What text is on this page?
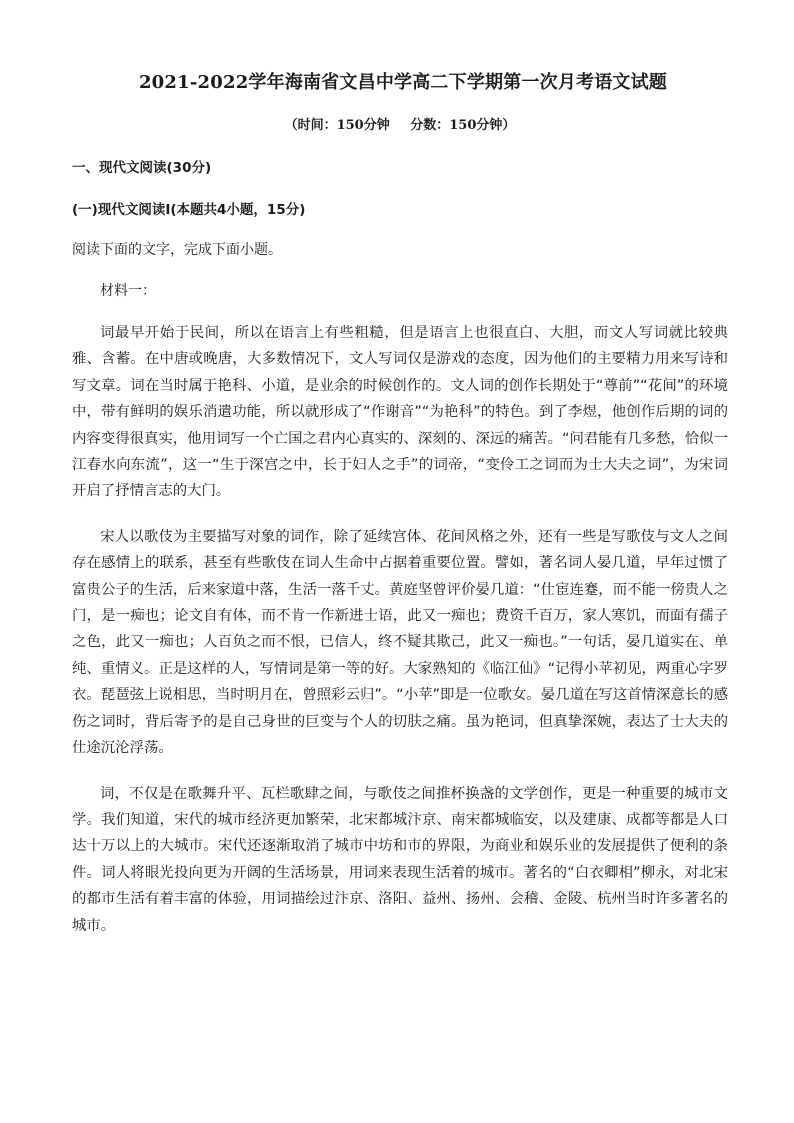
2021-2022学年海南省文昌中学高二下学期第一次月考语文试题
（时间：150分钟 分数：150分钟）
一、现代文阅读(30分)
(一)现代文阅读Ⅰ(本题共4小题，15分)
阅读下面的文字，完成下面小题。
材料一：

词最早开始于民间，所以在语言上有些粗糙，但是语言上也很直白、大胆，而文人写词就比较典雅、含蓄。在中唐或晚唐，大多数情况下，文人写词仅是游戏的态度，因为他们的主要精力用来写诗和写文章。词在当时属于艳科、小道，是业余的时候创作的。文人词的创作长期处于“尊前”“花间”的环境中，带有鲜明的娱乐消遣功能，所以就形成了“作谢音”“为艳科”的特色。到了李煜，他创作后期的词的内容变得很真实，他用词写一个亡国之君内心真实的、深刻的、深远的痛苦。“问君能有几多愁，恰似一江春水向东流”，这一“生于深宫之中，长于妇人之手”的词帝，“变伶工之词而为士大夫之词”，为宋词开启了抒情言志的大门。

宋人以歌伎为主要描写对象的词作，除了延续宫体、花间风格之外，还有一些是写歌伎与文人之间存在感情上的联系，甚至有些歌伎在词人生命中占据着重要位置。譬如，著名词人晏几道，早年过惯了富贵公子的生活，后来家道中落，生活一落千丈。黄庭坚曾评价晏几道：“仕宦连蹇，而不能一傍贵人之门，是一痴也；论文自有体，而不肯一作新进士语，此又一痴也；费资千百万，家人寒饥，而面有孺子之色，此又一痴也；人百负之而不恨，已信人，终不疑其欺己，此又一痴也。”一句话，晏几道实在、单纯、重情义。正是这样的人，写情词是第一等的好。大家熟知的《临江仙》“记得小苹初见，两重心字罗衣。琵琶弦上说相思，当时明月在，曾照彩云归”。“小苹”即是一位歌女。晏几道在写这首情深意长的感伤之词时，背后寄予的是自己身世的巨变与个人的切肤之痛。虽为艳词，但真挚深婉，表达了士大夫的仕途沉沦浮荡。

词，不仅是在歌舞升平、瓦栏歌肆之间，与歌伎之间推杯换盏的文学创作，更是一种重要的城市文学。我们知道，宋代的城市经济更加繁荣，北宋都城汴京、南宋都城临安，以及建康、成都等都是人口达十万以上的大城市。宋代还逐渐取消了城市中坊和市的界限，为商业和娱乐业的发展提供了便利的条件。词人将眼光投向更为开阔的生活场景，用词来表现生活着的城市。著名的“白衣卿相”柳永，对北宋的都市生活有着丰富的体验，用词描绘过汴京、洛阳、益州、扬州、会稽、金陵、杭州当时许多著名的城市。
